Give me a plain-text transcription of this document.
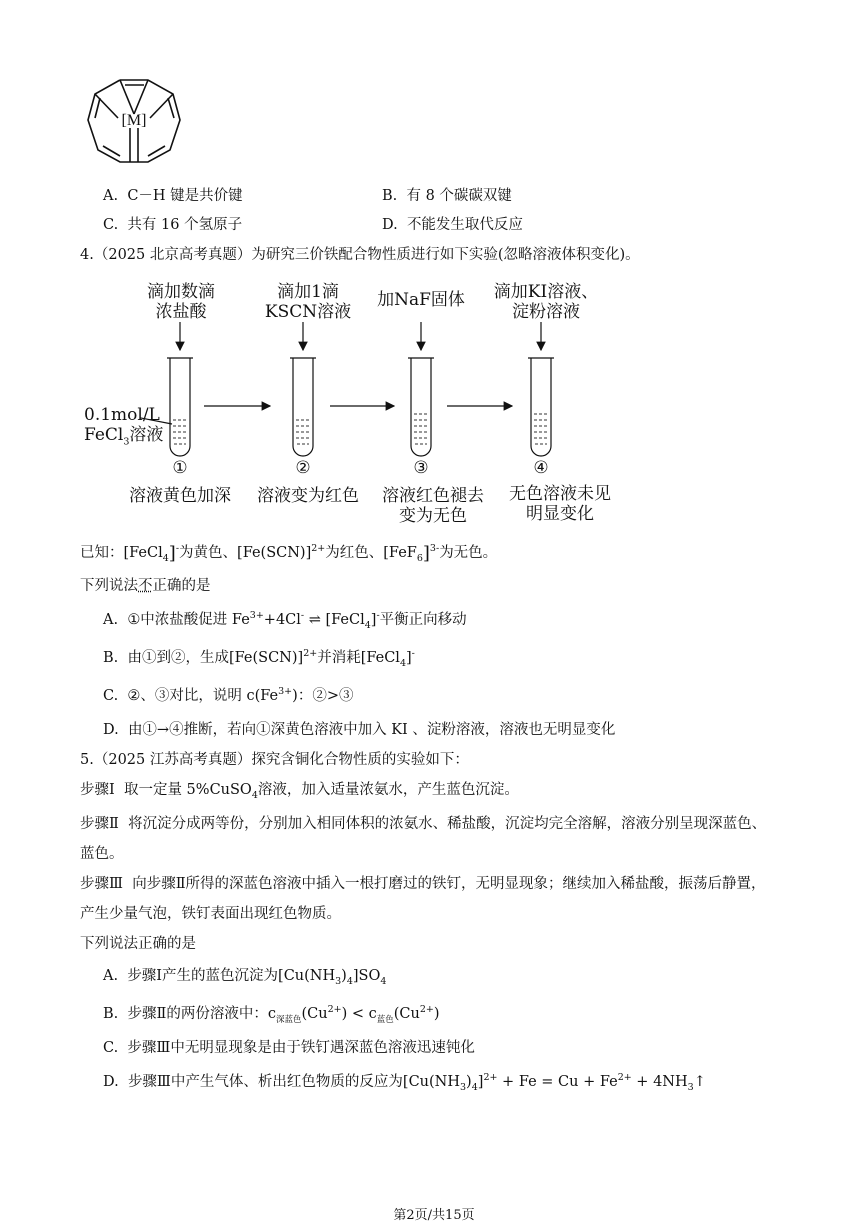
[M]
A. C－H 键是共价键	B. 有 8 个碳碳双键
C. 共有 16 个氢原子	D. 不能发生取代反应
4.（2025 北京高考真题）为研究三价铁配合物性质进行如下实验(忽略溶液体积变化)。
滴加数滴
浓盐酸
滴加1滴
KSCN溶液
加NaF固体	滴加KI溶液、
淀粉溶液
0.1mol/L
FeCl$_3$溶液
①	②	③	④
溶液黄色加深	溶液变为红色	溶液红色褪去
变为无色
无色溶液未见
明显变化
已知：[FeCl$_4$]-为黄色、$[Fe(SCN)]^{2+}$为红色、$[FeF_6]^{3-}$为无色。
下列说法不正确的是
A. ①中浓盐酸促进 $Fe^{3+}+4Cl^-$ ⇌ [FeCl$_4$]-平衡正向移动
B. 由①到②，生成$[Fe(SCN)]^{2+}$并消耗[FeCl$_4$]-
C. ②、③对比，说明 $c(Fe^{3+})$：②>③
D. 由①→④推断，若向①深黄色溶液中加入 KI 、淀粉溶液，溶液也无明显变化
5.（2025 江苏高考真题）探究含铜化合物性质的实验如下：
步骤Ⅰ 取一定量 5%CuSO$_4$溶液，加入适量浓氨水，产生蓝色沉淀。
步骤Ⅱ 将沉淀分成两等份，分别加入相同体积的浓氨水、稀盐酸，沉淀均完全溶解，溶液分别呈现深蓝色、
蓝色。
步骤Ⅲ 向步骤Ⅱ所得的深蓝色溶液中插入一根打磨过的铁钉，无明显现象；继续加入稀盐酸，振荡后静置，
产生少量气泡，铁钉表面出现红色物质。
下列说法正确的是
A. 步骤Ⅰ产生的蓝色沉淀为$[Cu(NH_3)_4]SO_4$
B. 步骤Ⅱ的两份溶液中：$c_{深蓝色}(Cu^{2+}) < c_{蓝色}(Cu^{2+})$
C. 步骤Ⅲ中无明显现象是由于铁钉遇深蓝色溶液迅速钝化
D. 步骤Ⅲ中产生气体、析出红色物质的反应为$[Cu(NH_3)_4]^{2+} + Fe = Cu + Fe^{2+}$ + $4NH_3↑$
第2页/共15页
